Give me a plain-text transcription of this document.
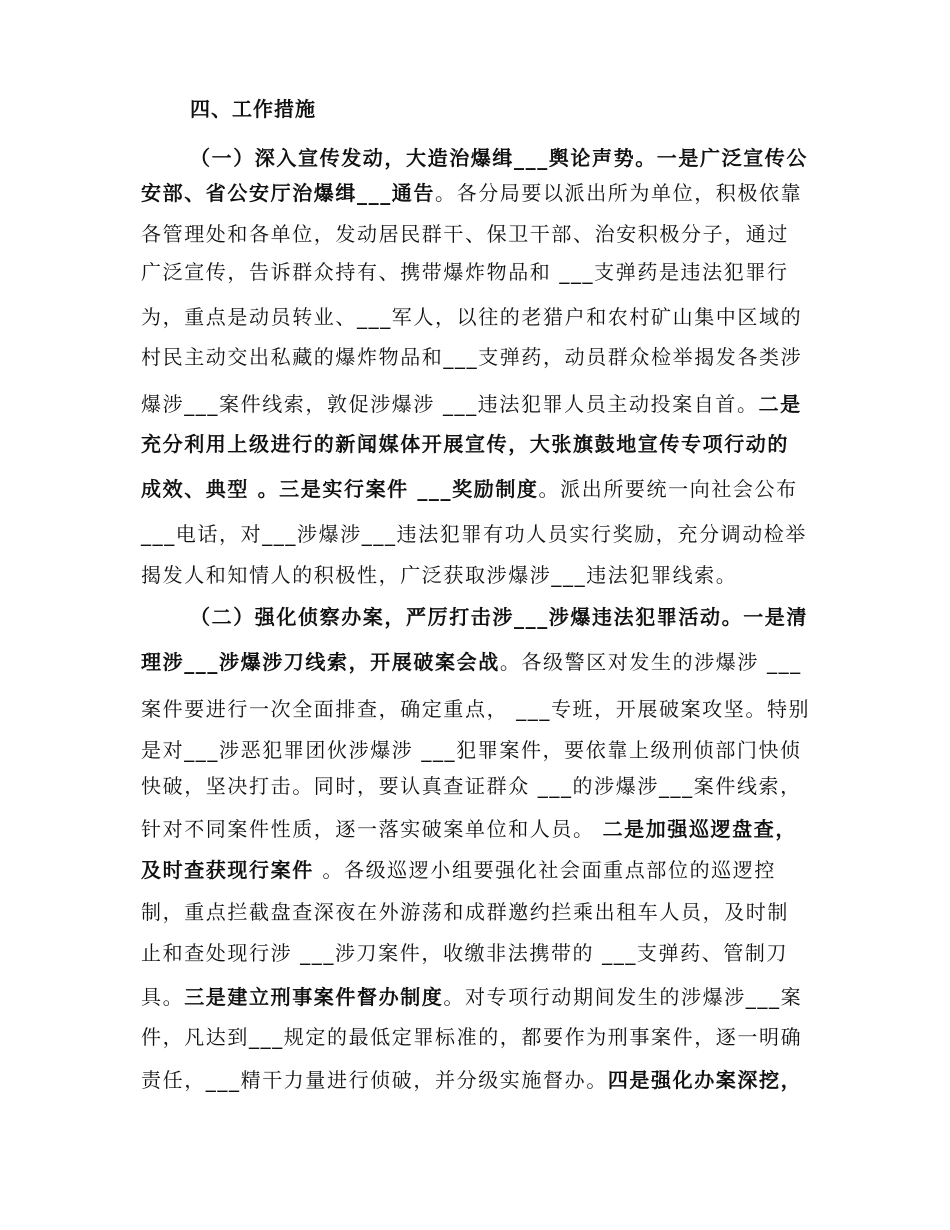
四、工作措施
（一）深入宣传发动，大造治爆缉___舆论声势。一是广泛宣传公
安部、省公安厅治爆缉___通告。各分局要以派出所为单位，积极依靠
各管理处和各单位，发动居民群干、保卫干部、治安积极分子，通过
广泛宣传，告诉群众持有、携带爆炸物品和 ___支弹药是违法犯罪行
为，重点是动员转业、___军人，以往的老猎户和农村矿山集中区域的
村民主动交出私藏的爆炸物品和___支弹药，动员群众检举揭发各类涉
爆涉___案件线索，敦促涉爆涉 ___违法犯罪人员主动投案自首。二是
充分利用上级进行的新闻媒体开展宣传，大张旗鼓地宣传专项行动的
成效、典型 。三是实行案件 ___奖励制度。派出所要统一向社会公布
___电话，对___涉爆涉___违法犯罪有功人员实行奖励，充分调动检举
揭发人和知情人的积极性，广泛获取涉爆涉___违法犯罪线索。
（二）强化侦察办案，严厉打击涉___涉爆违法犯罪活动。一是清
理涉___涉爆涉刀线索，开展破案会战。各级警区对发生的涉爆涉 ___
案件要进行一次全面排查，确定重点， ___专班，开展破案攻坚。特别
是对___涉恶犯罪团伙涉爆涉 ___犯罪案件，要依靠上级刑侦部门快侦
快破，坚决打击。同时，要认真查证群众 ___的涉爆涉___案件线索，
针对不同案件性质，逐一落实破案单位和人员。 二是加强巡逻盘查，
及时查获现行案件 。各级巡逻小组要强化社会面重点部位的巡逻控
制，重点拦截盘查深夜在外游荡和成群邀约拦乘出租车人员，及时制
止和查处现行涉 ___涉刀案件，收缴非法携带的 ___支弹药、管制刀
具。三是建立刑事案件督办制度。对专项行动期间发生的涉爆涉___案
件，凡达到___规定的最低定罪标准的，都要作为刑事案件，逐一明确
责任，___精干力量进行侦破，并分级实施督办。四是强化办案深挖，
